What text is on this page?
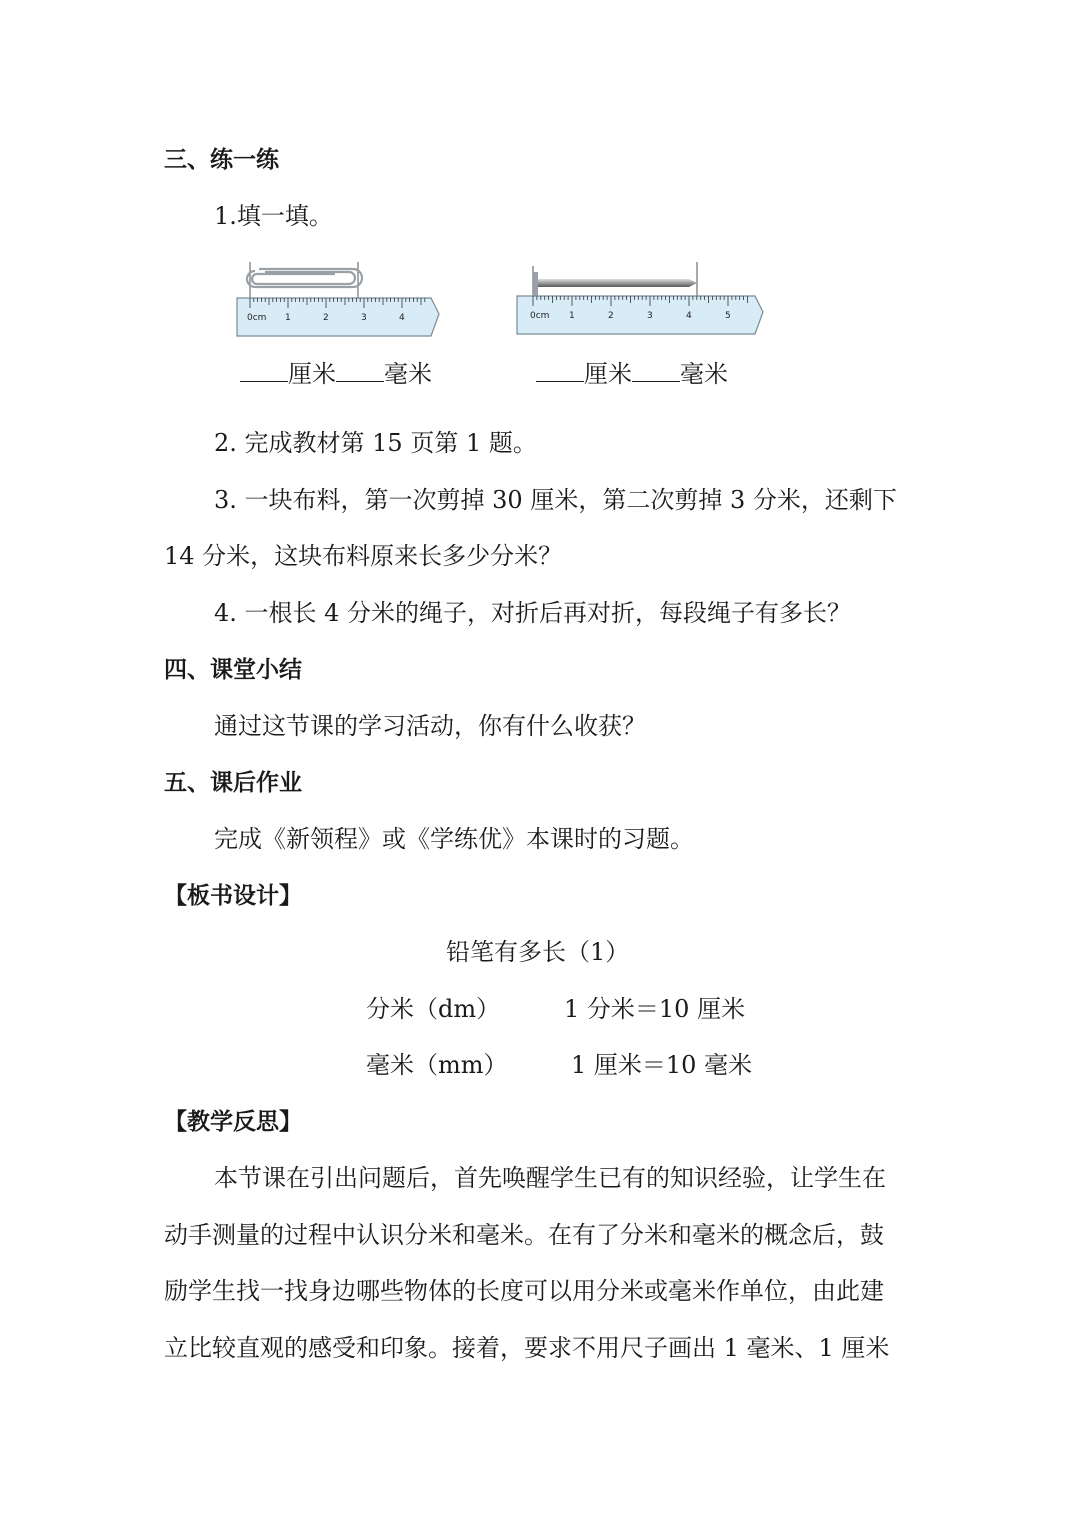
三、练一练
1.填一填。
0cm 1	2	3	4	0cm 1	2	3	4	5
厘米 毫米	厘米 毫米
2. 完成教材第 15 页第 1 题。
3. 一块布料，第一次剪掉 30 厘米，第二次剪掉 3 分米，还剩下
14 分米，这块布料原来长多少分米？
4. 一根长 4 分米的绳子，对折后再对折，每段绳子有多长？
四、课堂小结
通过这节课的学习活动，你有什么收获？
五、课后作业
完成《新领程》或《学练优》本课时的习题。
【板书设计】
铅笔有多长（1）
分米（dm）	1 分米＝10 厘米
毫米（mm）	1 厘米＝10 毫米
【教学反思】
本节课在引出问题后，首先唤醒学生已有的知识经验，让学生在
动手测量的过程中认识分米和毫米。在有了分米和毫米的概念后，鼓
励学生找一找身边哪些物体的长度可以用分米或毫米作单位，由此建
立比较直观的感受和印象。接着，要求不用尺子画出 1 毫米、1 厘米
